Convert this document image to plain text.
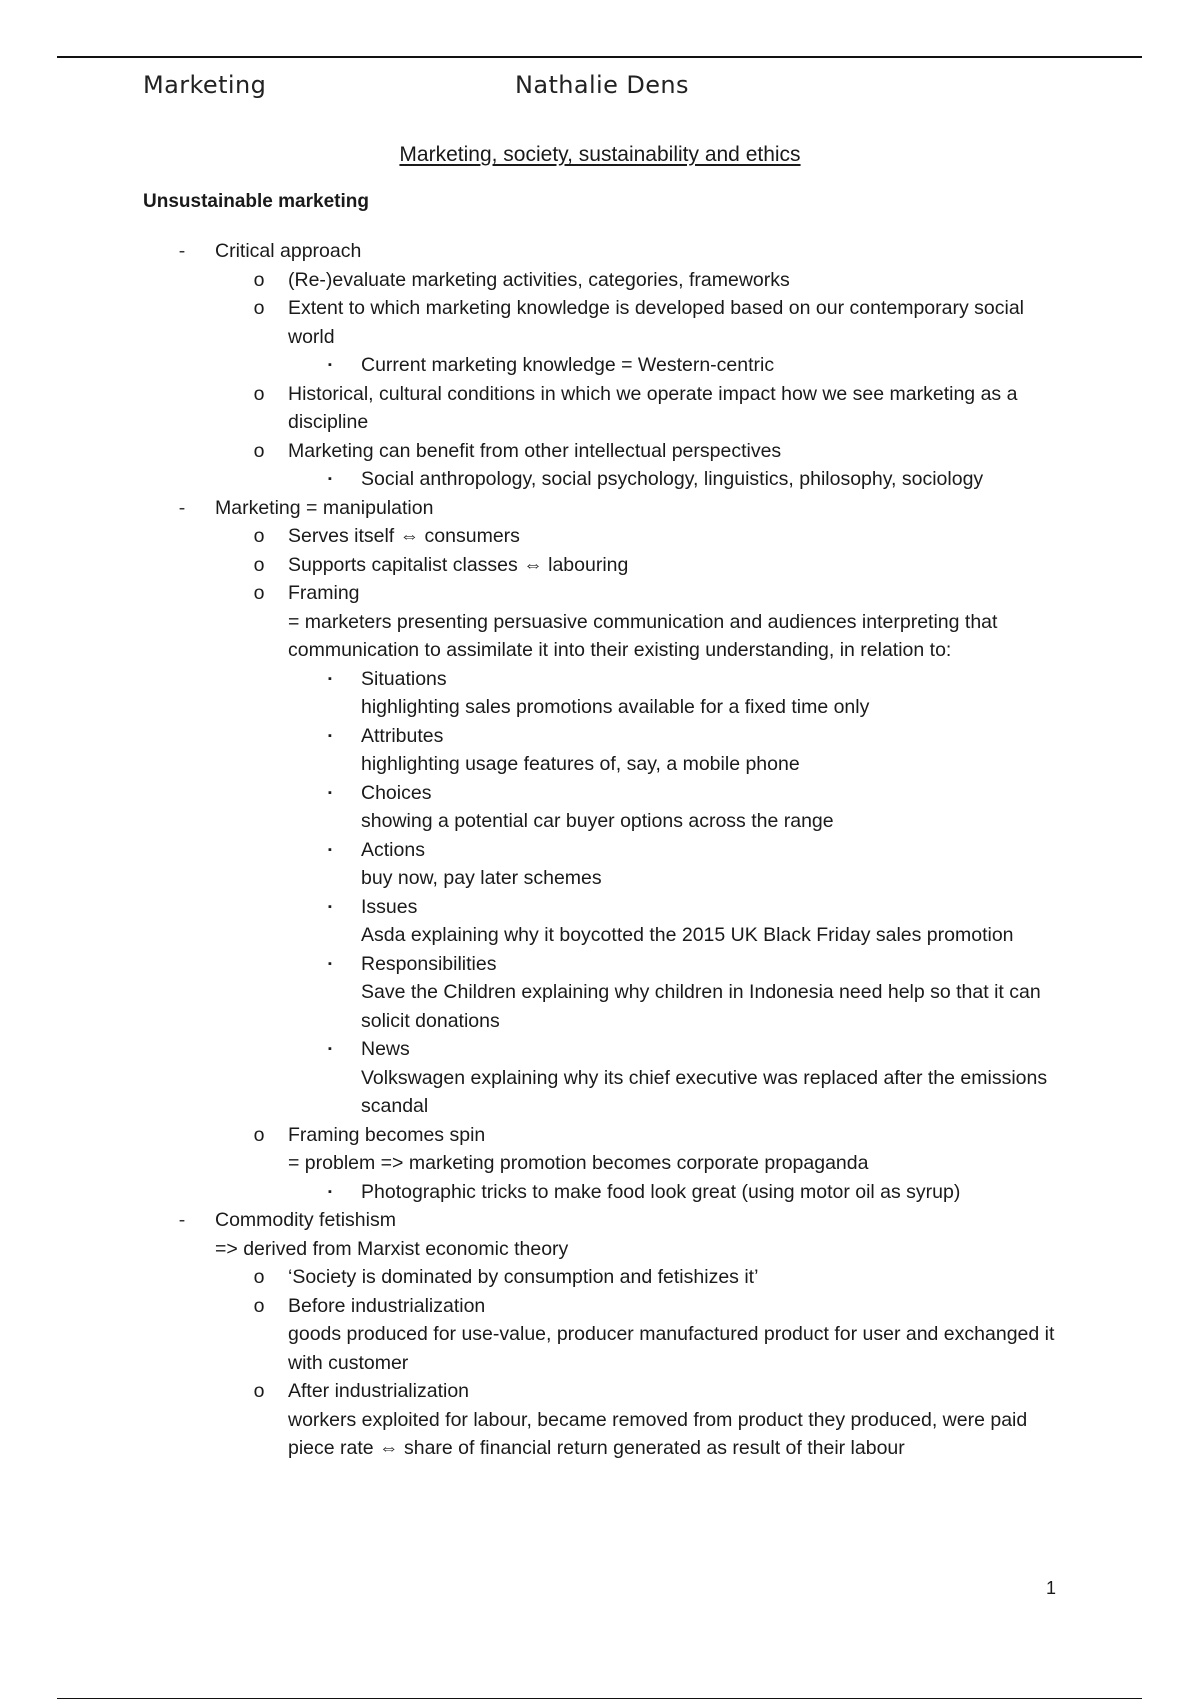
Marketing	Nathalie Dens
Marketing, society, sustainability and ethics
Unsustainable marketing
-	Critical approach
o (Re-)evaluate marketing activities, categories, frameworks
o Extent to which marketing knowledge is developed based on our contemporary social world
▪	Current marketing knowledge = Western-centric
o Historical, cultural conditions in which we operate impact how we see marketing as a discipline
o Marketing can benefit from other intellectual perspectives
▪	Social anthropology, social psychology, linguistics, philosophy, sociology
-	Marketing = manipulation
o Serves itself ⇔ consumers
o Supports capitalist classes ⇔ labouring
o Framing
= marketers presenting persuasive communication and audiences interpreting that communication to assimilate it into their existing understanding, in relation to:
▪	Situations
highlighting sales promotions available for a fixed time only
▪	Attributes
highlighting usage features of, say, a mobile phone
▪	Choices
showing a potential car buyer options across the range
▪	Actions
buy now, pay later schemes
▪	Issues
Asda explaining why it boycotted the 2015 UK Black Friday sales promotion
▪	Responsibilities
Save the Children explaining why children in Indonesia need help so that it can solicit donations
▪	News
Volkswagen explaining why its chief executive was replaced after the emissions scandal
o Framing becomes spin
= problem => marketing promotion becomes corporate propaganda
▪	Photographic tricks to make food look great (using motor oil as syrup)
-	Commodity fetishism
=> derived from Marxist economic theory
o ‘Society is dominated by consumption and fetishizes it’
o Before industrialization
goods produced for use-value, producer manufactured product for user and exchanged it with customer
o After industrialization
workers exploited for labour, became removed from product they produced, were paid piece rate ⇔ share of financial return generated as result of their labour
1
